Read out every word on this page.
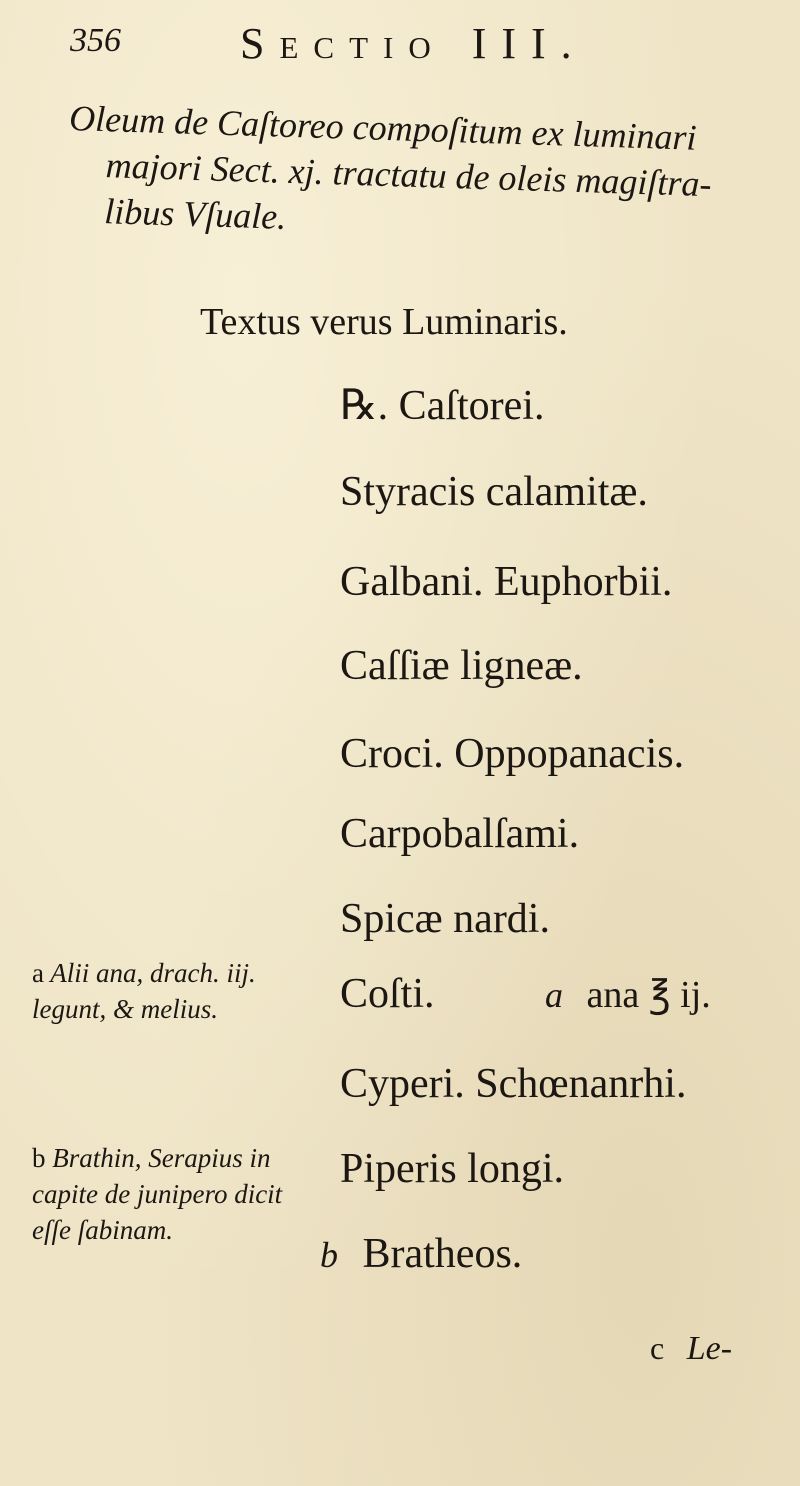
356	Sectio III.
Oleum de Caſtoreo compoſitum ex luminari
majori Sect. xj. tractatu de oleis magiſtra-
libus Vſuale.
Textus verus Luminaris.
℞. Caſtorei.
Styracis calamitæ.
Galbani. Euphorbii.
Caſſiæ ligneæ.
Croci. Oppopanacis.
Carpobalſami.
Spicæ nardi.
Coſti.	a ana ℥ ij.
Cyperi. Schœnanrhi.
Piperis longi.
b Bratheos.
a Alii ana, drach. iij. legunt, & melius.
b Brathin, Serapius in capite de junipero dicit eſſe ſabinam.
c Le-
